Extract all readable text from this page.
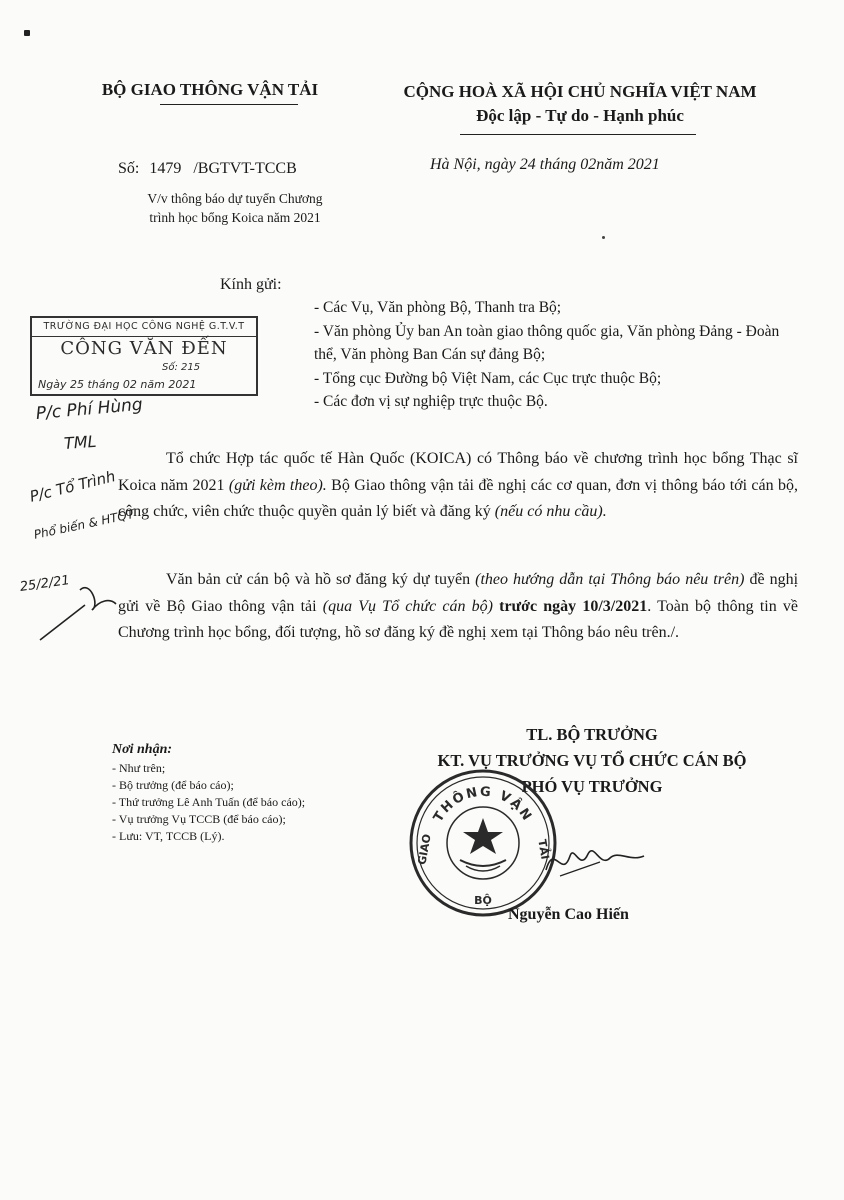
BỘ GIAO THÔNG VẬN TẢI	CỘNG HOÀ XÃ HỘI CHỦ NGHĨA VIỆT NAM
Độc lập - Tự do - Hạnh phúc
Số: 1479 /BGTVT-TCCB
V/v thông báo dự tuyển Chương
trình học bổng Koica năm 2021
Hà Nội, ngày 24 tháng 02năm 2021
Kính gửi:
- Các Vụ, Văn phòng Bộ, Thanh tra Bộ;
- Văn phòng Ủy ban An toàn giao thông quốc gia, Văn phòng Đảng - Đoàn thể, Văn phòng Ban Cán sự đảng Bộ;
- Tổng cục Đường bộ Việt Nam, các Cục trực thuộc Bộ;
- Các đơn vị sự nghiệp trực thuộc Bộ.
TRƯỜNG ĐẠI HỌC CÔNG NGHỆ G.T.V.T
CÔNG VĂN ĐẾN
Số: 215
Ngày 25 tháng 02 năm 2021
P/c Phí Hùng
TML
P/c Tổ Trình
Phổ biến & HTQT
25/2/21
Tổ chức Hợp tác quốc tế Hàn Quốc (KOICA) có Thông báo về chương trình học bổng Thạc sĩ Koica năm 2021 (gửi kèm theo). Bộ Giao thông vận tải đề nghị các cơ quan, đơn vị thông báo tới cán bộ, công chức, viên chức thuộc quyền quản lý biết và đăng ký (nếu có nhu cầu).
Văn bản cử cán bộ và hồ sơ đăng ký dự tuyển (theo hướng dẫn tại Thông báo nêu trên) đề nghị gửi về Bộ Giao thông vận tải (qua Vụ Tổ chức cán bộ) trước ngày 10/3/2021. Toàn bộ thông tin về Chương trình học bổng, đối tượng, hồ sơ đăng ký đề nghị xem tại Thông báo nêu trên./.
TL. BỘ TRƯỞNG
KT. VỤ TRƯỞNG VỤ TỔ CHỨC CÁN BỘ
PHÓ VỤ TRƯỞNG
Nơi nhận:
- Như trên;
- Bộ trưởng (để báo cáo);
- Thứ trưởng Lê Anh Tuấn (để báo cáo);
- Vụ trưởng Vụ TCCB (để báo cáo);
- Lưu: VT, TCCB (Lý).
THÔNG VẬN
GIAO
BỘ
TẢI
Nguyễn Cao Hiến
